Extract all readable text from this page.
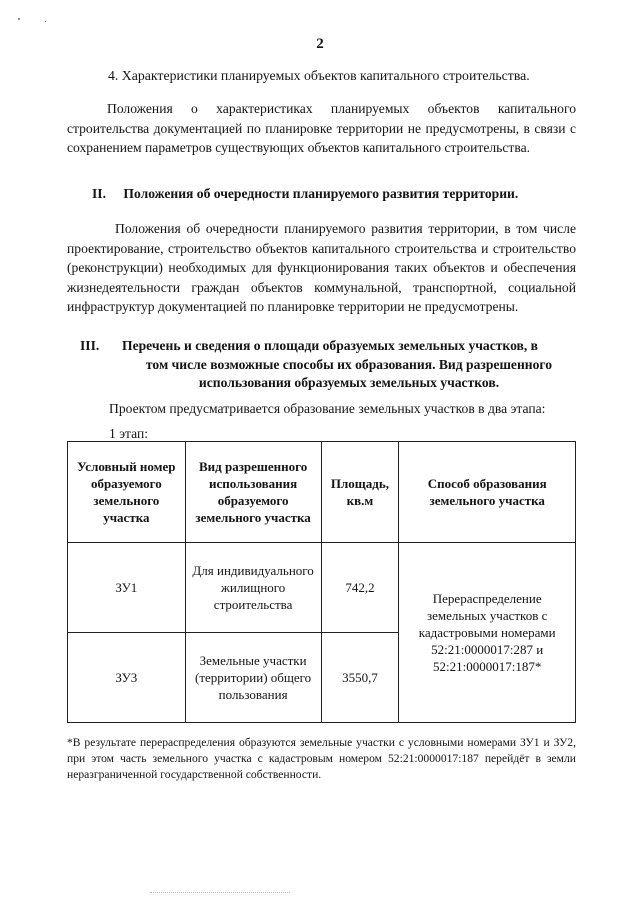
2
4. Характеристики планируемых объектов капитального строительства.
Положения о характеристиках планируемых объектов капитального строительства документацией по планировке территории не предусмотрены, в связи с сохранением параметров существующих объектов капитального строительства.
II. Положения об очередности планируемого развития территории.
Положения об очередности планируемого развития территории, в том числе проектирование, строительство объектов капитального строительства и строительство (реконструкции) необходимых для функционирования таких объектов и обеспечения жизнедеятельности граждан объектов коммунальной, транспортной, социальной инфраструктур документацией по планировке территории не предусмотрены.
III. Перечень и сведения о площади образуемых земельных участков, в
том числе возможные способы их образования. Вид разрешенного
использования образуемых земельных участков.
Проектом предусматривается образование земельных участков в два этапа:
1 этап:
Условный номер образуемого земельного участка	Вид разрешенного использования образуемого земельного участка	Площадь, кв.м	Способ образования земельного участка
ЗУ1	Для индивидуального жилищного строительства	742,2	Перераспределение земельных участков с кадастровыми номерами 52:21:0000017:287 и 52:21:0000017:187*
ЗУ3	Земельные участки (территории) общего пользования	3550,7	
*В результате перераспределения образуются земельные участки с условными номерами ЗУ1 и ЗУ2, при этом часть земельного участка с кадастровым номером 52:21:0000017:187 перейдёт в земли неразграниченной государственной собственности.
